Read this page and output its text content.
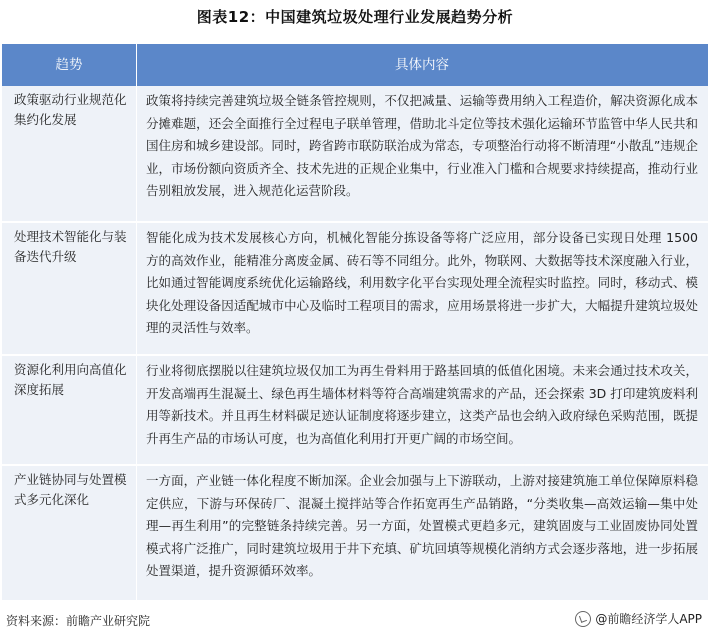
图表12：中国建筑垃圾处理行业发展趋势分析
趋势	具体内容
政策驱动行业规范化集约化发展
政策将持续完善建筑垃圾全链条管控规则，不仅把减量、运输等费用纳入工程造价，解决资源化成本分摊难题，还会全面推行全过程电子联单管理，借助北斗定位等技术强化运输环节监管中华人民共和国住房和城乡建设部。同时，跨省跨市联防联治成为常态，专项整治行动将不断清理“小散乱”违规企业，市场份额向资质齐全、技术先进的正规企业集中，行业准入门槛和合规要求持续提高，推动行业告别粗放发展，进入规范化运营阶段。
处理技术智能化与装备迭代升级
智能化成为技术发展核心方向，机械化智能分拣设备等将广泛应用，部分设备已实现日处理 1500 方的高效作业，能精准分离废金属、砖石等不同组分。此外，物联网、大数据等技术深度融入行业，比如通过智能调度系统优化运输路线，利用数字化平台实现处理全流程实时监控。同时，移动式、模块化处理设备因适配城市中心及临时工程项目的需求，应用场景将进一步扩大，大幅提升建筑垃圾处理的灵活性与效率。
资源化利用向高值化深度拓展
行业将彻底摆脱以往建筑垃圾仅加工为再生骨料用于路基回填的低值化困境。未来会通过技术攻关，开发高端再生混凝土、绿色再生墙体材料等符合高端建筑需求的产品，还会探索 3D 打印建筑废料利用等新技术。并且再生材料碳足迹认证制度将逐步建立，这类产品也会纳入政府绿色采购范围，既提升再生产品的市场认可度，也为高值化利用打开更广阔的市场空间。
产业链协同与处置模式多元化深化
一方面，产业链一体化程度不断加深。企业会加强与上下游联动，上游对接建筑施工单位保障原料稳定供应，下游与环保砖厂、混凝土搅拌站等合作拓宽再生产品销路，“分类收集—高效运输—集中处理—再生利用”的完整链条持续完善。另一方面，处置模式更趋多元，建筑固废与工业固废协同处置模式将广泛推广，同时建筑垃圾用于井下充填、矿坑回填等规模化消纳方式会逐步落地，进一步拓展处置渠道，提升资源循环效率。
资料来源：前瞻产业研究院	@前瞻经济学人APP
